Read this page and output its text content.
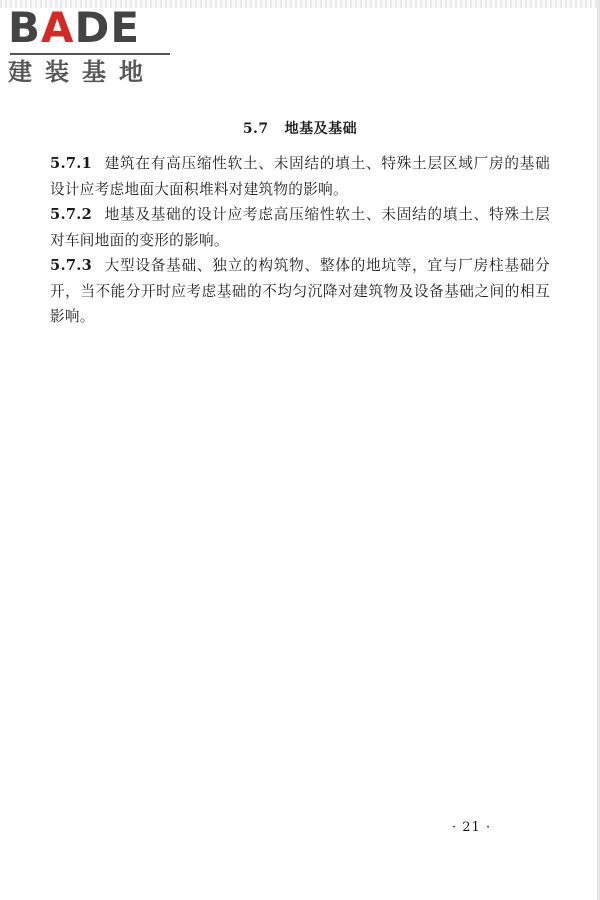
BADE
建装基地
5.7 地基及基础

5.7.1 建筑在有高压缩性软土、未固结的填土、特殊土层区域厂房的基础设计应考虑地面大面积堆料对建筑物的影响。

5.7.2 地基及基础的设计应考虑高压缩性软土、未固结的填土、特殊土层对车间地面的变形的影响。

5.7.3 大型设备基础、独立的构筑物、整体的地坑等，宜与厂房柱基础分开，当不能分开时应考虑基础的不均匀沉降对建筑物及设备基础之间的相互影响。

· 21 ·
